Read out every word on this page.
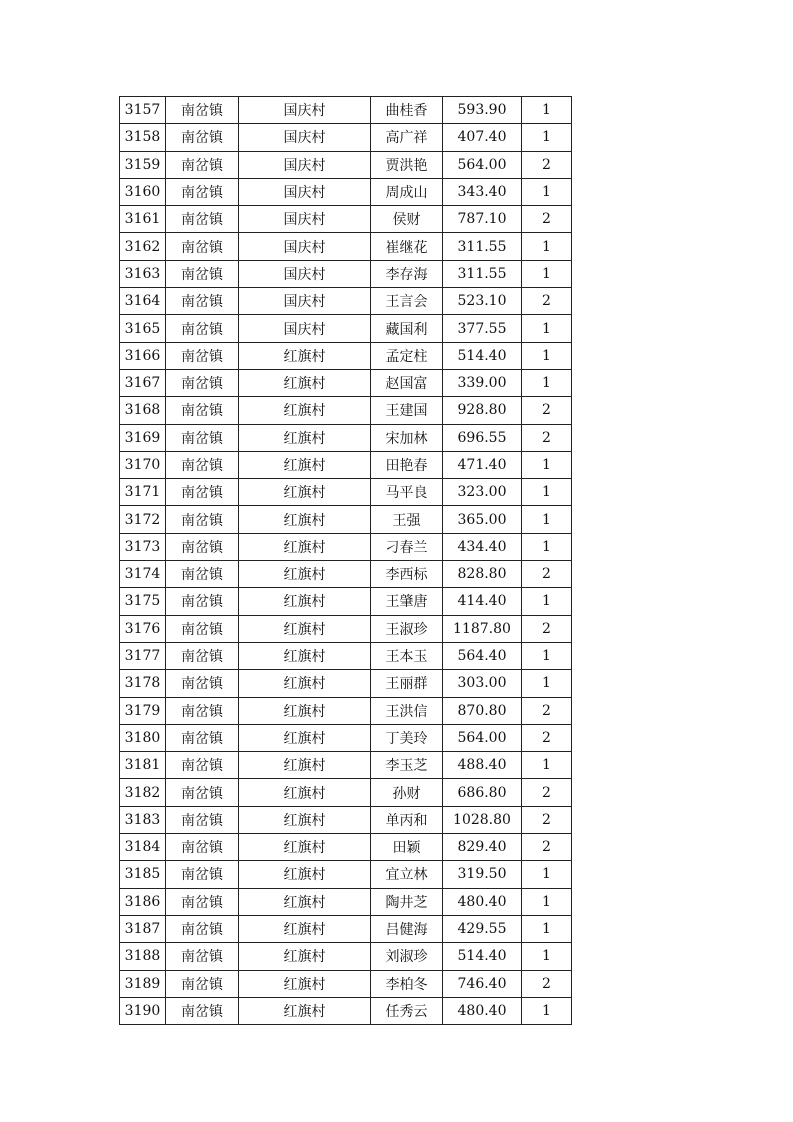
3157	南岔镇	国庆村	曲桂香	593.90	1
3158	南岔镇	国庆村	高广祥	407.40	1
3159	南岔镇	国庆村	贾洪艳	564.00	2
3160	南岔镇	国庆村	周成山	343.40	1
3161	南岔镇	国庆村	侯财	787.10	2
3162	南岔镇	国庆村	崔继花	311.55	1
3163	南岔镇	国庆村	李存海	311.55	1
3164	南岔镇	国庆村	王言会	523.10	2
3165	南岔镇	国庆村	藏国利	377.55	1
3166	南岔镇	红旗村	孟定柱	514.40	1
3167	南岔镇	红旗村	赵国富	339.00	1
3168	南岔镇	红旗村	王建国	928.80	2
3169	南岔镇	红旗村	宋加林	696.55	2
3170	南岔镇	红旗村	田艳春	471.40	1
3171	南岔镇	红旗村	马平良	323.00	1
3172	南岔镇	红旗村	王强	365.00	1
3173	南岔镇	红旗村	刁春兰	434.40	1
3174	南岔镇	红旗村	李西标	828.80	2
3175	南岔镇	红旗村	王肇唐	414.40	1
3176	南岔镇	红旗村	王淑珍	1187.80	2
3177	南岔镇	红旗村	王本玉	564.40	1
3178	南岔镇	红旗村	王丽群	303.00	1
3179	南岔镇	红旗村	王洪信	870.80	2
3180	南岔镇	红旗村	丁美玲	564.00	2
3181	南岔镇	红旗村	李玉芝	488.40	1
3182	南岔镇	红旗村	孙财	686.80	2
3183	南岔镇	红旗村	单丙和	1028.80	2
3184	南岔镇	红旗村	田颖	829.40	2
3185	南岔镇	红旗村	宜立林	319.50	1
3186	南岔镇	红旗村	陶井芝	480.40	1
3187	南岔镇	红旗村	吕健海	429.55	1
3188	南岔镇	红旗村	刘淑珍	514.40	1
3189	南岔镇	红旗村	李柏冬	746.40	2
3190	南岔镇	红旗村	任秀云	480.40	1
